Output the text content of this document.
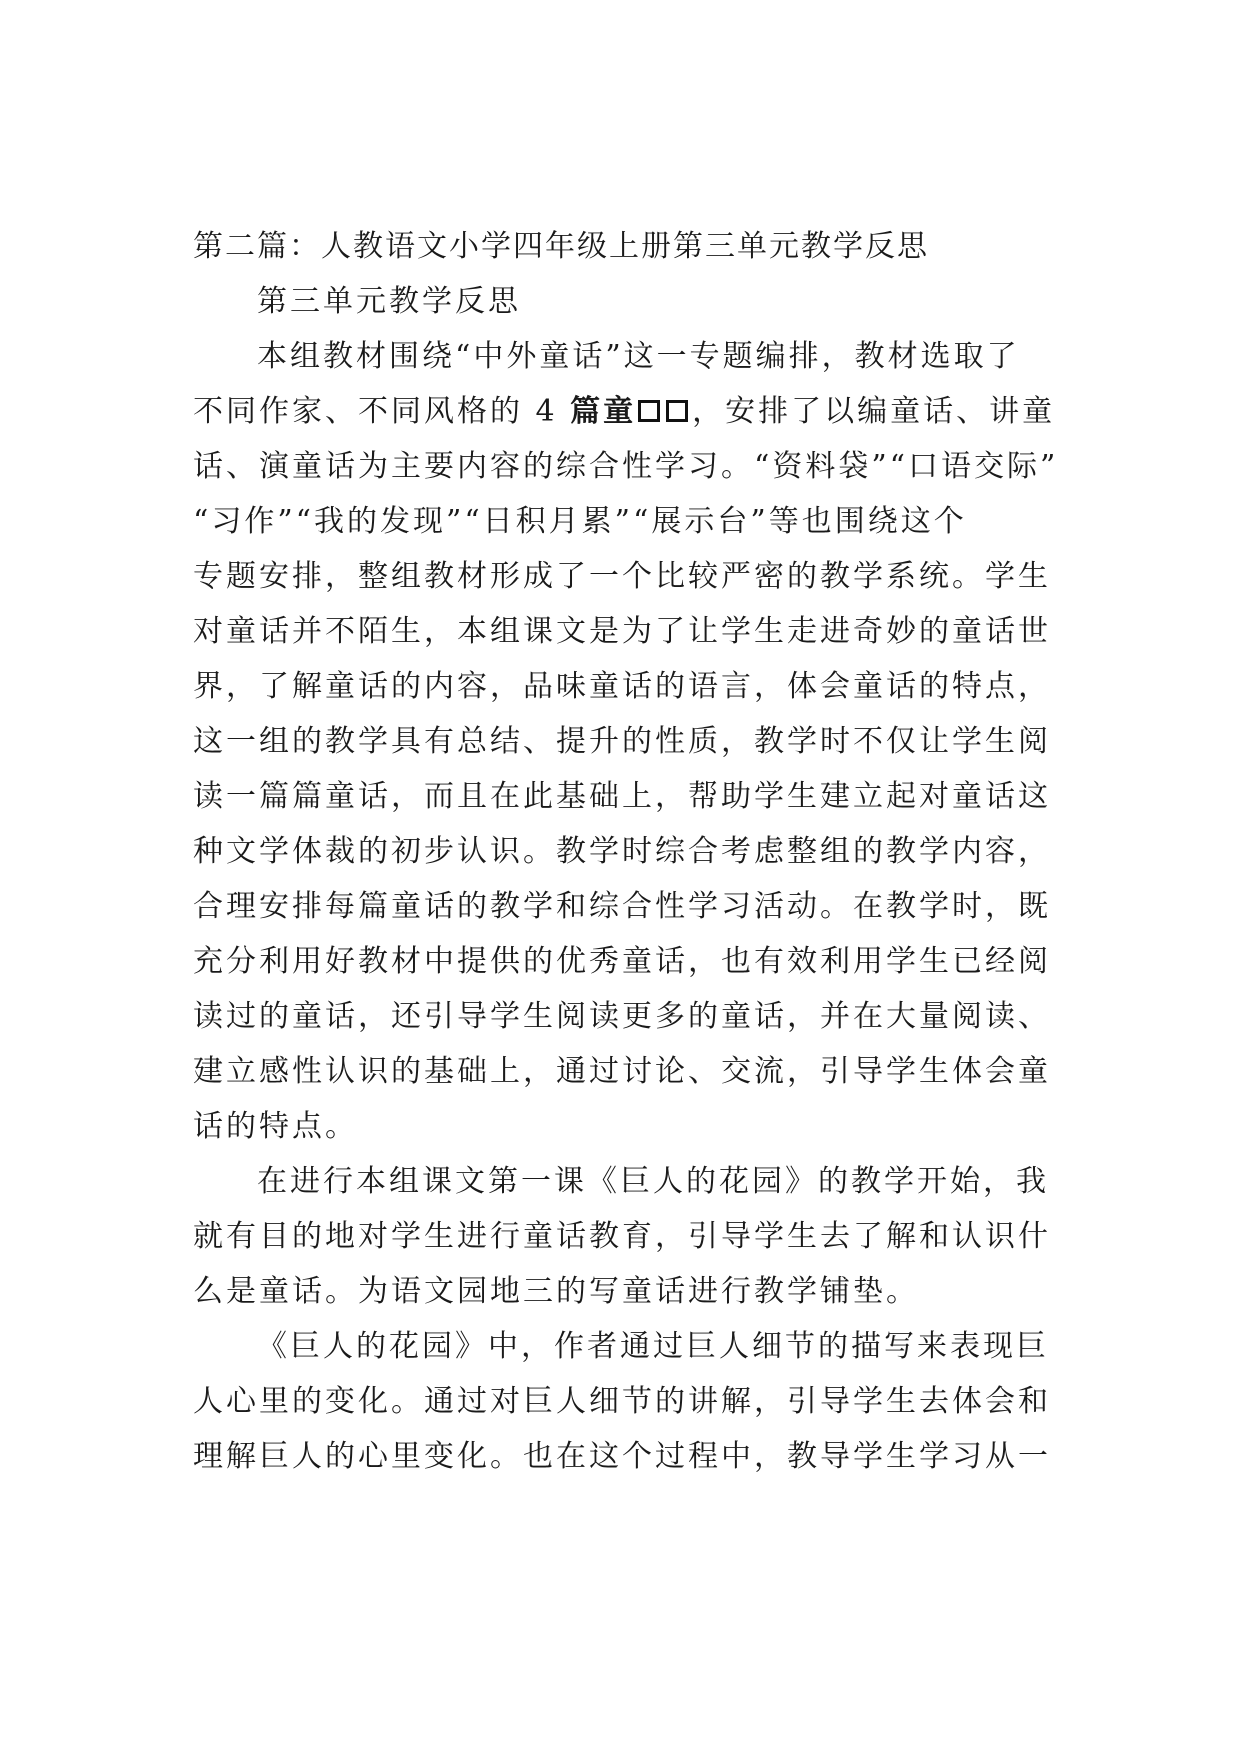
第二篇：人教语文小学四年级上册第三单元教学反思
第三单元教学反思
本组教材围绕“中外童话”这一专题编排，教材选取了
不同作家、不同风格的 4 篇童 ，安排了以编童话、讲童
话、演童话为主要内容的综合性学习。“资料袋”“口语交际”
“习作”“我的发现”“日积月累”“展示台”等也围绕这个
专题安排，整组教材形成了一个比较严密的教学系统。学生
对童话并不陌生，本组课文是为了让学生走进奇妙的童话世
界，了解童话的内容，品味童话的语言，体会童话的特点，
这一组的教学具有总结、提升的性质，教学时不仅让学生阅
读一篇篇童话，而且在此基础上，帮助学生建立起对童话这
种文学体裁的初步认识。教学时综合考虑整组的教学内容，
合理安排每篇童话的教学和综合性学习活动。在教学时，既
充分利用好教材中提供的优秀童话，也有效利用学生已经阅
读过的童话，还引导学生阅读更多的童话，并在大量阅读、
建立感性认识的基础上，通过讨论、交流，引导学生体会童
话的特点。
在进行本组课文第一课《巨人的花园》的教学开始，我
就有目的地对学生进行童话教育，引导学生去了解和认识什
么是童话。为语文园地三的写童话进行教学铺垫。
《巨人的花园》中，作者通过巨人细节的描写来表现巨
人心里的变化。通过对巨人细节的讲解，引导学生去体会和
理解巨人的心里变化。也在这个过程中，教导学生学习从一
